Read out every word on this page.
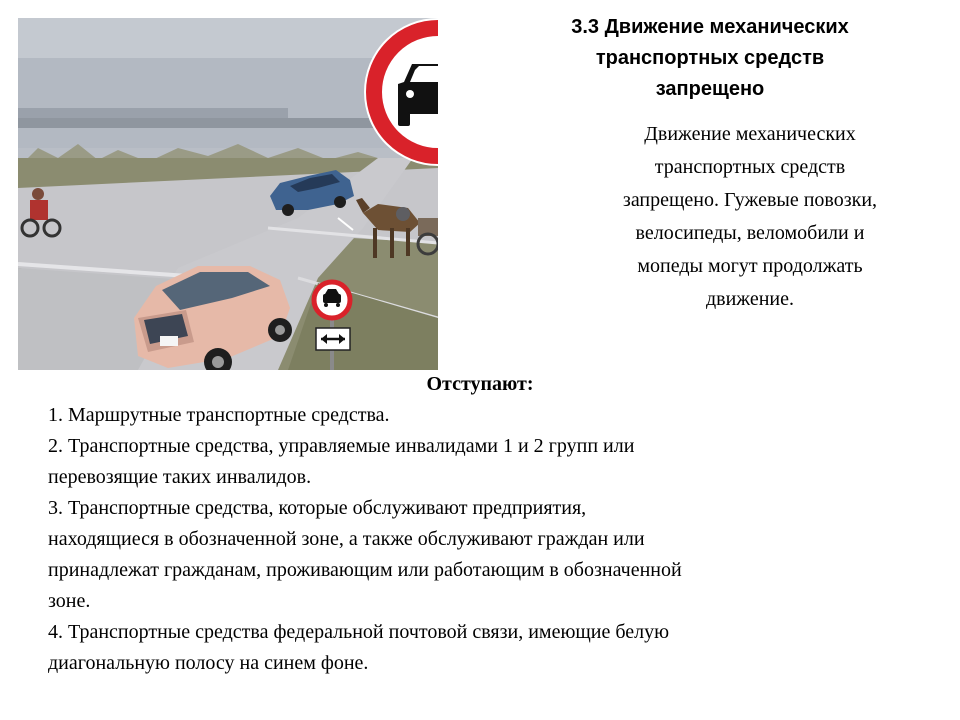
3.3 Движение механических
транспортных средств
запрещено
Движение механических
транспортных средств
запрещено. Гужевые повозки,
велосипеды, веломобили и
мопеды могут продолжать
движение.
Отступают:
1. Маршрутные транспортные средства.
2. Транспортные средства, управляемые инвалидами 1 и 2 групп или
перевозящие таких инвалидов.
3. Транспортные средства, которые обслуживают предприятия,
находящиеся в обозначенной зоне, а также обслуживают граждан или
принадлежат гражданам, проживающим или работающим в обозначенной
зоне.
4. Транспортные средства федеральной почтовой связи, имеющие белую
диагональную полосу на синем фоне.
